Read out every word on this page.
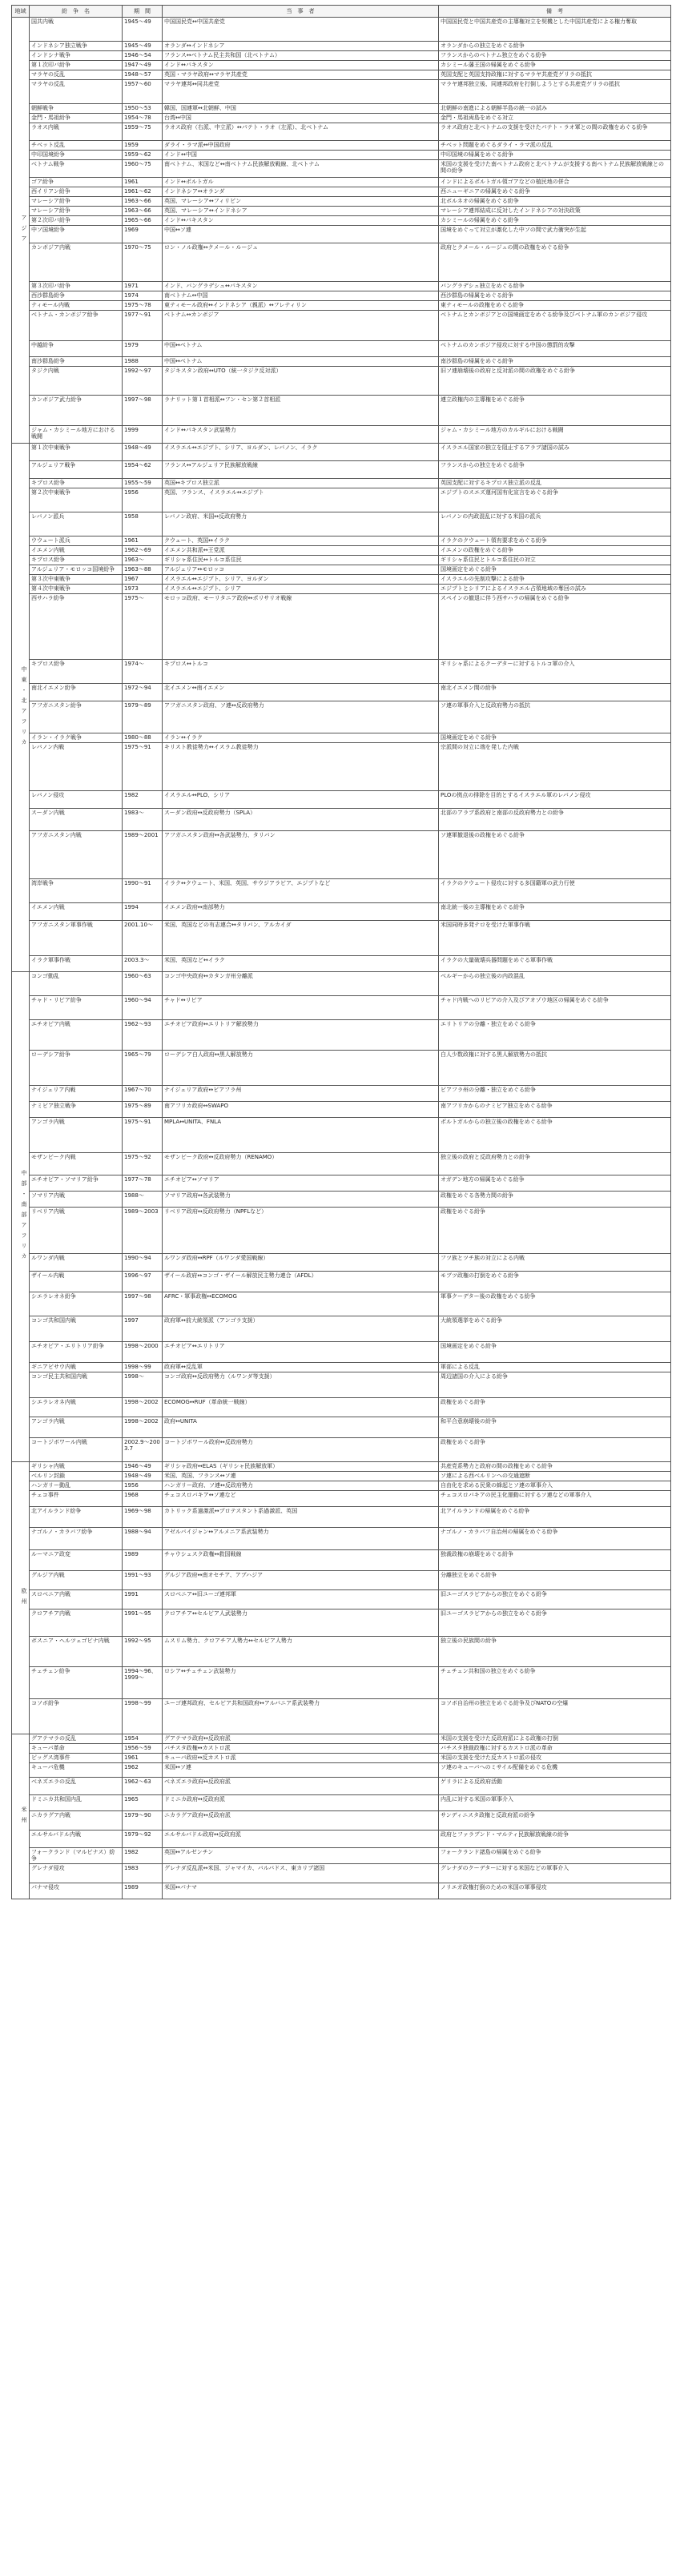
地域	紛　争　名	期　間	当　事　者	備　考
アジア	国共内戦	1945〜49	中国国民党↔中国共産党	中国国民党と中国共産党の主導権対立を契機とした中国共産党による権力奪取
	インドネシア独立戦争	1945〜49	オランダ↔インドネシア	オランダからの独立をめぐる紛争
	インドシナ戦争	1946〜54	フランス↔ベトナム民主共和国（北ベトナム）	フランスからのベトナム独立をめぐる紛争
	第１次印パ紛争	1947〜49	インド↔パキスタン	カシミール藩王国の帰属をめぐる紛争
	マラヤの反乱	1948〜57	英国・マラヤ政府↔マラヤ共産党	英国支配と英国支持政権に対するマラヤ共産党ゲリラの抵抗
	マラヤの反乱	1957〜60	マラヤ連邦↔同共産党	マラヤ連邦独立後、同連邦政府を打倒しようとする共産党ゲリラの抵抗
	朝鮮戦争	1950〜53	韓国、国連軍↔北朝鮮、中国	北朝鮮の南進による朝鮮半島の統一の試み
	金門・馬祖紛争	1954〜78	台湾↔中国	金門・馬祖両島をめぐる対立
	ラオス内戦	1959〜75	ラオス政府（右派、中立派）↔パテト・ラオ（左派）、北ベトナム	ラオス政府と北ベトナムの支援を受けたパテト・ラオ軍との間の政権をめぐる紛争
	チベット反乱	1959	ダライ・ラマ派↔中国政府	チベット問題をめぐるダライ・ラマ派の反乱
	中印国境紛争	1959〜62	インド↔中国	中印国境の帰属をめぐる紛争
	ベトナム戦争	1960〜75	南ベトナム、米国など↔南ベトナム民族解放戦線、北ベトナム	米国の支援を受けた南ベトナム政府と北ベトナムが支援する南ベトナム民族解放戦線との間の紛争
	ゴア紛争	1961	インド↔ポルトガル	インドによるポルトガル領ゴアなどの植民地の併合
	西イリアン紛争	1961〜62	インドネシア↔オランダ	西ニューギニアの帰属をめぐる紛争
	マレーシア紛争	1963〜66	英国、マレーシア↔フィリピン	北ボルネオの帰属をめぐる紛争
	マレーシア紛争	1963〜66	英国、マレーシア↔インドネシア	マレーシア連邦結成に反対したインドネシアの対決政策
	第２次印パ紛争	1965〜66	インド↔パキスタン	カシミールの帰属をめぐる紛争
	中ソ国境紛争	1969	中国↔ソ連	国境をめぐって対立が激化した中ソの間で武力衝突が生起
	カンボジア内戦	1970〜75	ロン・ノル政権↔クメール・ルージュ	政府とクメール・ルージュの間の政権をめぐる紛争
	第３次印パ紛争	1971	インド、バングラデシュ↔パキスタン	バングラデシュ独立をめぐる紛争
	西沙群島紛争	1974	南ベトナム↔中国	西沙群島の帰属をめぐる紛争
	ティモール内戦	1975〜78	東ティモール政府↔インドネシア（親派）↔フレティリン	東ティモールの政権をめぐる紛争
	ベトナム・カンボジア紛争	1977〜91	ベトナム↔カンボジア	ベトナムとカンボジアとの国境画定をめぐる紛争及びベトナム軍のカンボジア侵攻
	中越紛争	1979	中国↔ベトナム	ベトナムのカンボジア侵攻に対する中国の懲罰的攻撃
	南沙群島紛争	1988	中国↔ベトナム	南沙群島の帰属をめぐる紛争
	タジク内戦	1992〜97	タジキスタン政府↔UTO（統一タジク反対派）	旧ソ連崩壊後の政府と反対派の間の政権をめぐる紛争
	カンボジア武力紛争	1997〜98	ラナリット第１首相派↔フン・セン第２首相派	連立政権内の主導権をめぐる紛争
	ジャム・カシミール地方における戦闘	1999	インド↔パキスタン武装勢力	ジャム・カシミール地方のカルギルにおける戦闘
中東・北アフリカ	第１次中東戦争	1948〜49	イスラエル↔エジプト、シリア、ヨルダン、レバノン、イラク	イスラエル国家の独立を阻止するアラブ諸国の試み
	アルジェリア戦争	1954〜62	フランス↔アルジェリア民族解放戦線	フランスからの独立をめぐる紛争
	キプロス紛争	1955〜59	英国↔キプロス独立派	英国支配に対するキプロス独立派の反乱
	第２次中東戦争	1956	英国、フランス、イスラエル↔エジプト	エジプトのスエズ運河国有化宣言をめぐる紛争
	レバノン派兵	1958	レバノン政府、米国↔反政府勢力	レバノンの内政混乱に対する米国の派兵
	ウウェート派兵	1961	クウェート、英国↔イラク	イラクのクウェート領有要求をめぐる紛争
	イエメン内戦	1962〜69	イエメン共和派↔王党派	イエメンの政権をめぐる紛争
	キプロス紛争	1963〜	ギリシャ系住民↔トルコ系住民	ギリシャ系住民とトルコ系住民の対立
	アルジェリア・モロッコ国境紛争	1963〜88	アルジェリア↔モロッコ	国境画定をめぐる紛争
	第３次中東戦争	1967	イスラエル↔エジプト、シリア、ヨルダン	イスラエルの先制攻撃による紛争
	第４次中東戦争	1973	イスラエル↔エジプト、シリア	エジプトとシリアによるイスラエル占領地域の奪回の試み
	西サハラ紛争	1975〜	モロッコ政府、モーリタニア政府↔ポリサリオ戦線	スペインの撤退に伴う西サハラの帰属をめぐる紛争
	キプロス紛争	1974〜	キプロス↔トルコ	ギリシャ系によるクーデターに対するトルコ軍の介入
	南北イエメン紛争	1972〜94	北イエメン↔南イエメン	南北イエメン間の紛争
	アフガニスタン紛争	1979〜89	アフガニスタン政府、ソ連↔反政府勢力	ソ連の軍事介入と反政府勢力の抵抗
	イラン・イラク戦争	1980〜88	イラン↔イラク	国境画定をめぐる紛争
	レバノン内戦	1975〜91	キリスト教徒勢力↔イスラム教徒勢力	宗派間の対立に端を発した内戦
	レバノン侵攻	1982	イスラエル↔PLO、シリア	PLOの拠点の排除を目的とするイスラエル軍のレバノン侵攻
	スーダン内戦	1983〜	スーダン政府↔反政府勢力（SPLA）	北部のアラブ系政府と南部の反政府勢力との紛争
	アフガニスタン内戦	1989〜2001	アフガニスタン政府↔各武装勢力、タリバン	ソ連軍撤退後の政権をめぐる紛争
	湾岸戦争	1990〜91	イラク↔クウェート、米国、英国、サウジアラビア、エジプトなど	イラクのクウェート侵攻に対する多国籍軍の武力行使
	イエメン内戦	1994	イエメン政府↔南部勢力	南北統一後の主導権をめぐる紛争
	アフガニスタン軍事作戦	2001.10〜	米国、英国などの有志連合↔タリバン、アルカイダ	米国同時多発テロを受けた軍事作戦
	イラク軍事作戦	2003.3〜	米国、英国など↔イラク	イラクの大量破壊兵器問題をめぐる軍事作戦
中部・南部アフリカ	コンゴ動乱	1960〜63	コンゴ中央政府↔カタンガ州分離派	ベルギーからの独立後の内政混乱
	チャド・リビア紛争	1960〜94	チャド↔リビア	チャド内戦へのリビアの介入及びアオゾウ地区の帰属をめぐる紛争
	エチオピア内戦	1962〜93	エチオピア政府↔エリトリア解放勢力	エリトリアの分離・独立をめぐる紛争
	ローデシア紛争	1965〜79	ローデシア白人政府↔黒人解放勢力	白人少数政権に対する黒人解放勢力の抵抗
	ナイジェリア内戦	1967〜70	ナイジェリア政府↔ビアフラ州	ビアフラ州の分離・独立をめぐる紛争
	ナミビア独立戦争	1975〜89	南アフリカ政府↔SWAPO	南アフリカからのナミビア独立をめぐる紛争
	アンゴラ内戦	1975〜91	MPLA↔UNITA、FNLA	ポルトガルからの独立後の政権をめぐる紛争
	モザンビーク内戦	1975〜92	モザンビーク政府↔反政府勢力（RENAMO）	独立後の政府と反政府勢力との紛争
	エチオピア・ソマリア紛争	1977〜78	エチオピア↔ソマリア	オガデン地方の帰属をめぐる紛争
	ソマリア内戦	1988〜	ソマリア政府↔各武装勢力	政権をめぐる各勢力間の紛争
	リベリア内戦	1989〜2003	リベリア政府↔反政府勢力（NPFLなど）	政権をめぐる紛争
	ルワンダ内戦	1990〜94	ルワンダ政府↔RPF（ルワンダ愛国戦線）	フツ族とツチ族の対立による内戦
	ザイール内戦	1996〜97	ザイール政府↔コンゴ・ザイール解放民主勢力連合（AFDL）	モブツ政権の打倒をめぐる紛争
	シエラレオネ紛争	1997〜98	AFRC・軍事政権↔ECOMOG	軍事クーデター後の政権をめぐる紛争
	コンゴ共和国内戦	1997	政府軍↔前大統領派（アンゴラ支援）	大統領選挙をめぐる紛争
	エチオピア・エリトリア紛争	1998〜2000	エチオピア↔エリトリア	国境画定をめぐる紛争
	ギニアビサウ内戦	1998〜99	政府軍↔反乱軍	軍部による反乱
	コンゴ民主共和国内戦	1998〜	コンゴ政府↔反政府勢力（ルワンダ等支援）	周辺諸国の介入による紛争
	シエラレオネ内戦	1998〜2002	ECOMOG↔RUF（革命統一戦線）	政権をめぐる紛争
	アンゴラ内戦	1998〜2002	政府↔UNITA	和平合意崩壊後の紛争
	コートジボワール内戦	2002.9〜2003.7	コートジボワール政府↔反政府勢力	政権をめぐる紛争
欧州	ギリシャ内戦	1946〜49	ギリシャ政府↔ELAS（ギリシャ民族解放軍）	共産党系勢力と政府の間の政権をめぐる紛争
	ベルリン封鎖	1948〜49	米国、英国、フランス↔ソ連	ソ連による西ベルリンへの交通遮断
	ハンガリー動乱	1956	ハンガリー政府、ソ連↔反政府勢力	自由化を求める民衆の蜂起とソ連の軍事介入
	チェコ事件	1968	チェコスロバキア↔ソ連など	チェコスロバキアの民主化運動に対するソ連などの軍事介入
	北アイルランド紛争	1969〜98	カトリック系過激派↔プロテスタント系過激派、英国	北アイルランドの帰属をめぐる紛争
	ナゴルノ・カラバフ紛争	1988〜94	アゼルバイジャン↔アルメニア系武装勢力	ナゴルノ・カラバフ自治州の帰属をめぐる紛争
	ルーマニア政変	1989	チャウシェスク政権↔救国戦線	独裁政権の崩壊をめぐる紛争
	グルジア内戦	1991〜93	グルジア政府↔南オセチア、アブハジア	分離独立をめぐる紛争
	スロベニア内戦	1991	スロベニア↔旧ユーゴ連邦軍	旧ユーゴスラビアからの独立をめぐる紛争
	クロアチア内戦	1991〜95	クロアチア↔セルビア人武装勢力	旧ユーゴスラビアからの独立をめぐる紛争
	ボスニア・ヘルツェゴビナ内戦	1992〜95	ムスリム勢力、クロアチア人勢力↔セルビア人勢力	独立後の民族間の紛争
	チェチェン紛争	1994〜96、1999〜	ロシア↔チェチェン武装勢力	チェチェン共和国の独立をめぐる紛争
	コソボ紛争	1998〜99	ユーゴ連邦政府、セルビア共和国政府↔アルバニア系武装勢力	コソボ自治州の独立をめぐる紛争及びNATOの空爆
米州	グアテマラの反乱	1954	グアテマラ政府↔反政府派	米国の支援を受けた反政府派による政権の打倒
	キューバ革命	1956〜59	バチスタ政権↔カストロ派	バチスタ独裁政権に対するカストロ派の革命
	ピッグス湾事件	1961	キューバ政府↔反カストロ派	米国の支援を受けた反カストロ派の侵攻
	キューバ危機	1962	米国↔ソ連	ソ連のキューバへのミサイル配備をめぐる危機
	ベネズエラの反乱	1962〜63	ベネズエラ政府↔反政府派	ゲリラによる反政府活動
	ドミニカ共和国内乱	1965	ドミニカ政府↔反政府派	内乱に対する米国の軍事介入
	ニカラグア内戦	1979〜90	ニカラグア政府↔反政府派	サンディニスタ政権と反政府派の紛争
	エルサルバドル内戦	1979〜92	エルサルバドル政府↔反政府派	政府とファラブンド・マルティ民族解放戦線の紛争
	フォークランド（マルビナス）紛争	1982	英国↔アルゼンチン	フォークランド諸島の帰属をめぐる紛争
	グレナダ侵攻	1983	グレナダ反乱派↔米国、ジャマイカ、バルバドス、東カリブ諸国	グレナダのクーデターに対する米国などの軍事介入
	パナマ侵攻	1989	米国↔パナマ	ノリエガ政権打倒のための米国の軍事侵攻
